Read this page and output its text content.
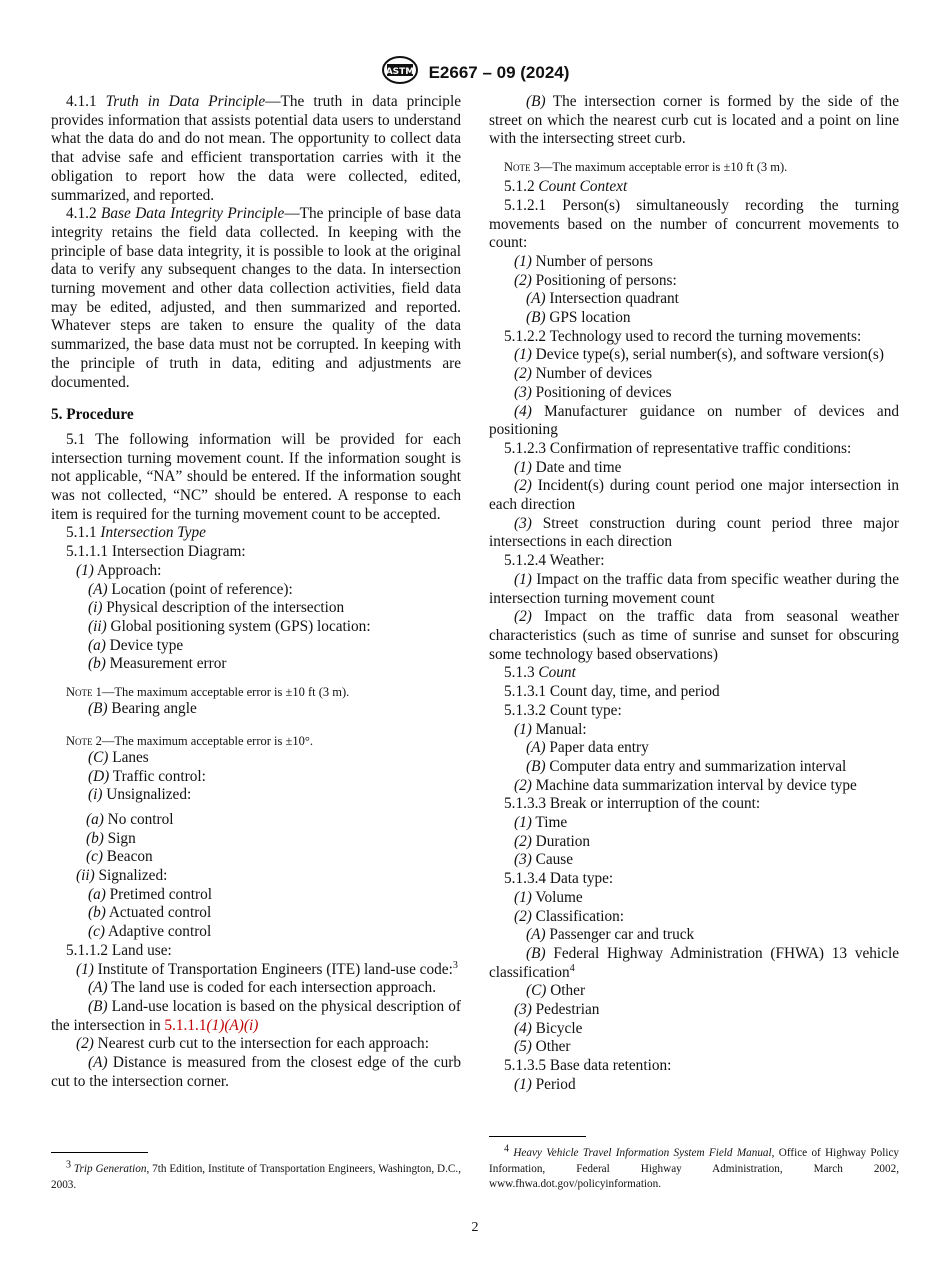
ASTM E2667 – 09 (2024)

4.1.1 Truth in Data Principle—The truth in data principle provides information that assists potential data users to understand what the data do and do not mean. The opportunity to collect data that advise safe and efficient transportation carries with it the obligation to report how the data were collected, edited, summarized, and reported.

4.1.2 Base Data Integrity Principle—The principle of base data integrity retains the field data collected. In keeping with the principle of base data integrity, it is possible to look at the original data to verify any subsequent changes to the data. In intersection turning movement and other data collection activities, field data may be edited, adjusted, and then summarized and reported. Whatever steps are taken to ensure the quality of the data summarized, the base data must not be corrupted. In keeping with the principle of truth in data, editing and adjustments are documented.

5. Procedure

5.1 The following information will be provided for each intersection turning movement count. If the information sought is not applicable, “NA” should be entered. If the information sought was not collected, “NC” should be entered. A response to each item is required for the turning movement count to be accepted.

5.1.1 Intersection Type

5.1.1.1 Intersection Diagram:

(1) Approach:

(A) Location (point of reference):

(i) Physical description of the intersection

(ii) Global positioning system (GPS) location:

(a) Device type

(b) Measurement error

Note 1—The maximum acceptable error is ±10 ft (3 m).

(B) Bearing angle

Note 2—The maximum acceptable error is ±10°.

(C) Lanes

(D) Traffic control:

(i) Unsignalized:

(a) No control

(b) Sign

(c) Beacon

(ii) Signalized:

(a) Pretimed control

(b) Actuated control

(c) Adaptive control

5.1.1.2 Land use:

(1) Institute of Transportation Engineers (ITE) land-use code:$^3$

(A) The land use is coded for each intersection approach.

(B) Land-use location is based on the physical description of the intersection in 5.1.1.1(1)(A)(i)

(2) Nearest curb cut to the intersection for each approach:

(A) Distance is measured from the closest edge of the curb cut to the intersection corner.

(B) The intersection corner is formed by the side of the street on which the nearest curb cut is located and a point on line with the intersecting street curb.

Note 3—The maximum acceptable error is ±10 ft (3 m).

5.1.2 Count Context

5.1.2.1 Person(s) simultaneously recording the turning movements based on the number of concurrent movements to count:

(1) Number of persons

(2) Positioning of persons:

(A) Intersection quadrant

(B) GPS location

5.1.2.2 Technology used to record the turning movements:

(1) Device type(s), serial number(s), and software version(s)

(2) Number of devices

(3) Positioning of devices

(4) Manufacturer guidance on number of devices and positioning

5.1.2.3 Confirmation of representative traffic conditions:

(1) Date and time

(2) Incident(s) during count period one major intersection in each direction

(3) Street construction during count period three major intersections in each direction

5.1.2.4 Weather:

(1) Impact on the traffic data from specific weather during the intersection turning movement count

(2) Impact on the traffic data from seasonal weather characteristics (such as time of sunrise and sunset for obscuring some technology based observations)

5.1.3 Count

5.1.3.1 Count day, time, and period

5.1.3.2 Count type:

(1) Manual:

(A) Paper data entry

(B) Computer data entry and summarization interval

(2) Machine data summarization interval by device type

5.1.3.3 Break or interruption of the count:

(1) Time

(2) Duration

(3) Cause

5.1.3.4 Data type:

(1) Volume

(2) Classification:

(A) Passenger car and truck

(B) Federal Highway Administration (FHWA) 13 vehicle classification$^4$

(C) Other

(3) Pedestrian

(4) Bicycle

(5) Other

5.1.3.5 Base data retention:

(1) Period

$^3$ Trip Generation, 7th Edition, Institute of Transportation Engineers, Washington, D.C., 2003.
$^4$ Heavy Vehicle Travel Information System Field Manual, Office of Highway Policy Information, Federal Highway Administration, March 2002, www.fhwa.dot.gov/policyinformation.
2
